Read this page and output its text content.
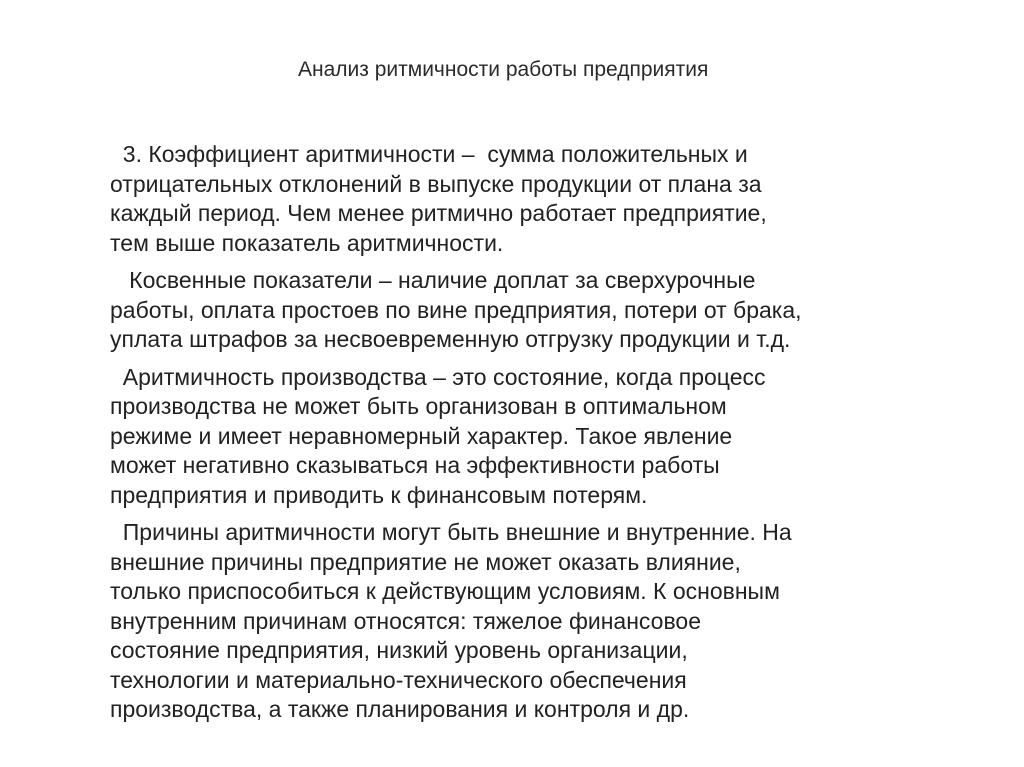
Анализ ритмичности работы предприятия

3. Коэффициент аритмичности –  сумма положительных и
отрицательных отклонений в выпуске продукции от плана за
каждый период. Чем менее ритмично работает предприятие,
тем выше показатель аритмичности.

Косвенные показатели – наличие доплат за сверхурочные
работы, оплата простоев по вине предприятия, потери от брака,
уплата штрафов за несвоевременную отгрузку продукции и т.д.

Аритмичность производства – это состояние, когда процесс
производства не может быть организован в оптимальном
режиме и имеет неравномерный характер. Такое явление
может негативно сказываться на эффективности работы
предприятия и приводить к финансовым потерям.

Причины аритмичности могут быть внешние и внутренние. На
внешние причины предприятие не может оказать влияние,
только приспособиться к действующим условиям. К основным
внутренним причинам относятся: тяжелое финансовое
состояние предприятия, низкий уровень организации,
технологии и материально-технического обеспечения
производства, а также планирования и контроля и др.
